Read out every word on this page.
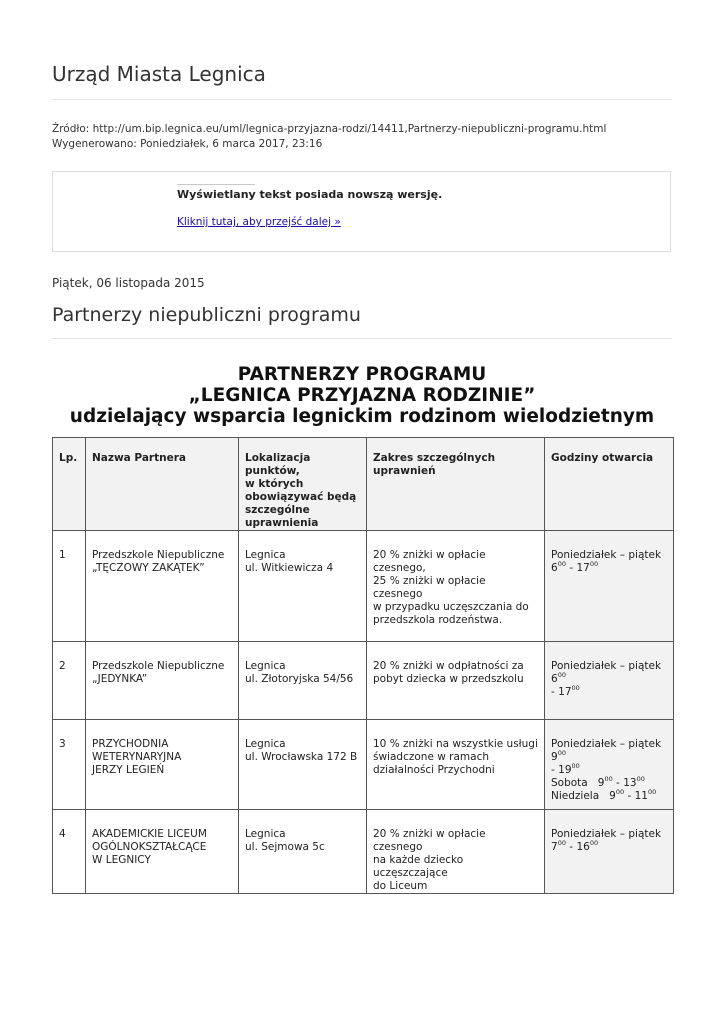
Urząd Miasta Legnica
Źródło: http://um.bip.legnica.eu/uml/legnica-przyjazna-rodzi/14411,Partnerzy-niepubliczni-programu.html
Wygenerowano: Poniedziałek, 6 marca 2017, 23:16
Wyświetlany tekst posiada nowszą wersję.
Kliknij tutaj, aby przejść dalej »
Piątek, 06 listopada 2015
Partnerzy niepubliczni programu
PARTNERZY PROGRAMU
„LEGNICA PRZYJAZNA RODZINIE”
udzielający wsparcia legnickim rodzinom wielodzietnym
Lp.	Nazwa Partnera	Lokalizacja punktów,
w których
obowiązywać będą
szczególne
uprawnienia	Zakres szczególnych
uprawnień	Godziny otwarcia
1	Przedszkole Niepubliczne
„TĘCZOWY ZAKĄTEK”	Legnica
ul. Witkiewicza 4	20 % zniżki w opłacie czesnego,
25 % zniżki w opłacie czesnego
w przypadku uczęszczania do
przedszkola rodzeństwa.	Poniedziałek – piątek
$6^{00} - 17^{00}$

2	Przedszkole Niepubliczne
„JEDYNKA”	Legnica
ul. Złotoryjska 54/56	20 % zniżki w odpłatności za
pobyt dziecka w przedszkolu	Poniedziałek – piątek $6^{00}$
- $17^{00}$

3	PRZYCHODNIA
WETERYNARYJNA
JERZY LEGIEŃ	Legnica
ul. Wrocławska 172 B	10 % zniżki na wszystkie usługi
świadczone w ramach
działalności Przychodni	Poniedziałek – piątek $9^{00}$
- $19^{00}$
Sobota   $9^{00} - 13^{00}$
Niedziela   $9^{00} - 11^{00}$

4	AKADEMICKIE LICEUM
OGÓLNOKSZTAŁCĄCE
W LEGNICY	Legnica
ul. Sejmowa 5c	20 % zniżki w opłacie czesnego
na każde dziecko uczęszczające
do Liceum	Poniedziałek – piątek
$7^{00} - 16^{00}$
